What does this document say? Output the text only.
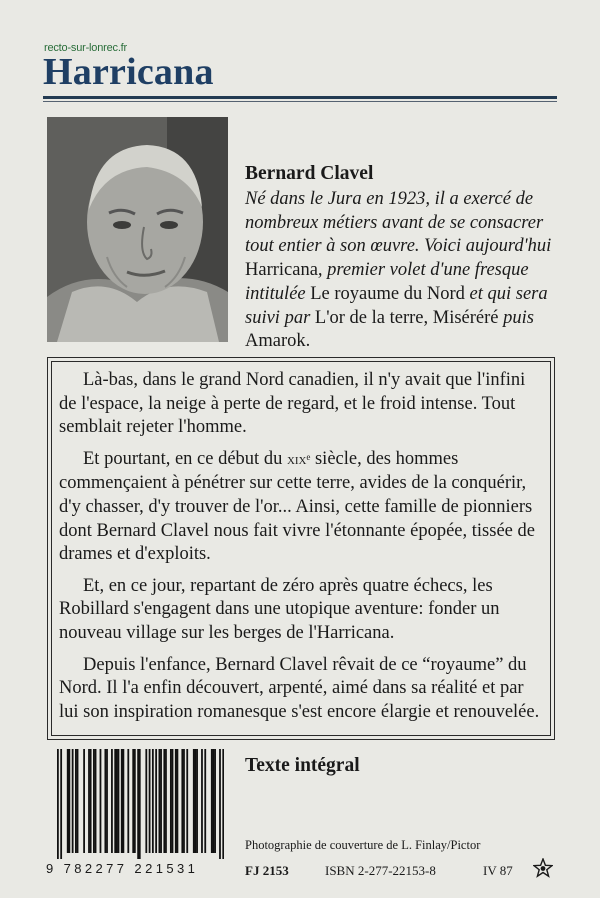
recto-sur-lonrec.fr
Harricana
Bernard Clavel

Né dans le Jura en 1923, il a exercé de nombreux métiers avant de se consacrer tout entier à son œuvre. Voici aujourd'hui Harricana, premier volet d'une fresque intitulée Le royaume du Nord et qui sera suivi par L'or de la terre, Miséréré puis Amarok.

Là-bas, dans le grand Nord canadien, il n'y avait que l'infini de l'espace, la neige à perte de regard, et le froid intense. Tout semblait rejeter l'homme.

Et pourtant, en ce début du xixᵉ siècle, des hommes commençaient à pénétrer sur cette terre, avides de la conquérir, d'y chasser, d'y trouver de l'or... Ainsi, cette famille de pionniers dont Bernard Clavel nous fait vivre l'étonnante épopée, tissée de drames et d'exploits.

Et, en ce jour, repartant de zéro après quatre échecs, les Robillard s'engagent dans une utopique aventure: fonder un nouveau village sur les berges de l'Harricana.

Depuis l'enfance, Bernard Clavel rêvait de ce “royaume” du Nord. Il l'a enfin découvert, arpenté, aimé dans sa réalité et par lui son inspiration romanesque s'est encore élargie et renouvelée.

9 782277 221531
Texte intégral
Photographie de couverture de L. Finlay/Pictor
FJ 2153	ISBN 2-277-22153-8	IV 87
